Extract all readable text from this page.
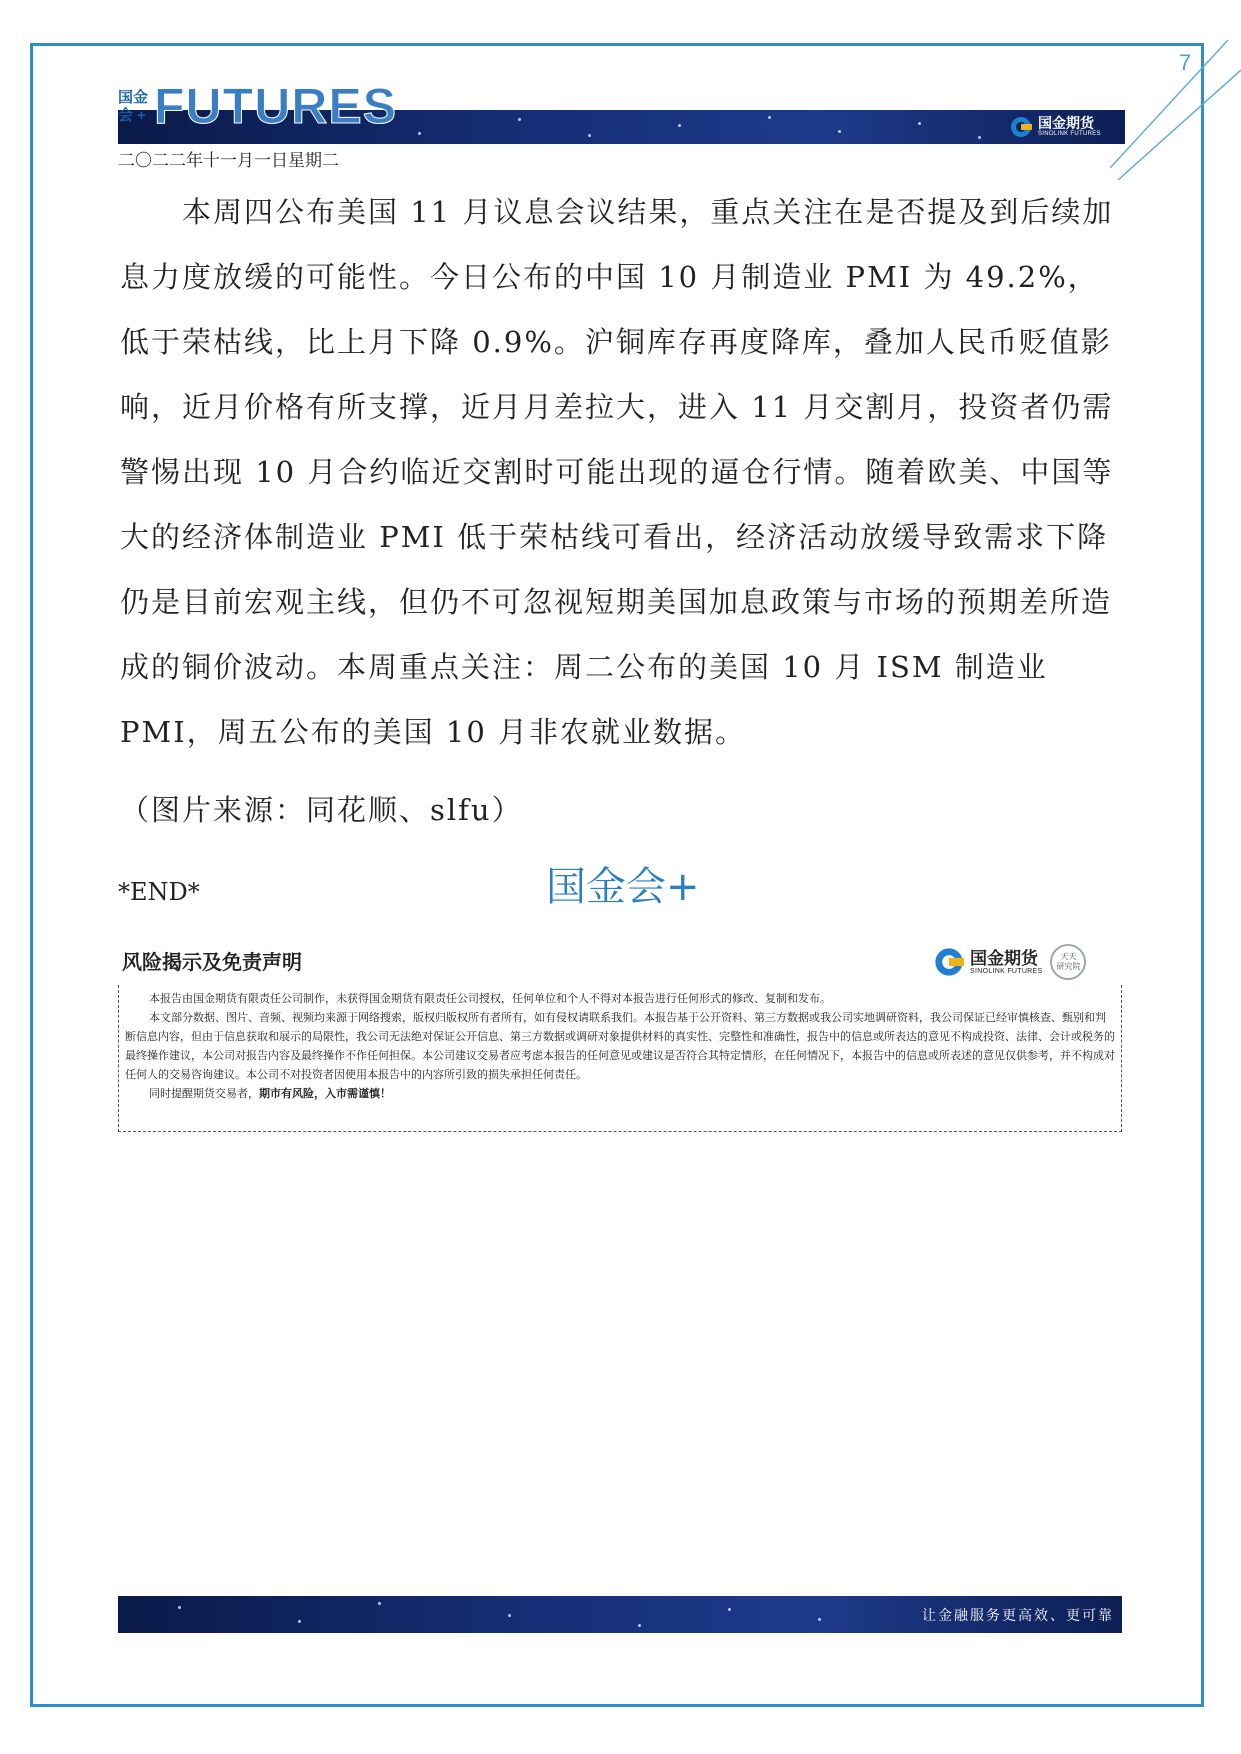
7
国金
会 + FUTURES	国金期货
SINOLINK FUTURES
二〇二二年十一月一日星期二

本周四公布美国 11 月议息会议结果，重点关注在是否提及到后续加息力度放缓的可能性。今日公布的中国 10 月制造业 PMI 为 49.2%，低于荣枯线，比上月下降 0.9%。沪铜库存再度降库，叠加人民币贬值影响，近月价格有所支撑，近月月差拉大，进入 11 月交割月，投资者仍需警惕出现 10 月合约临近交割时可能出现的逼仓行情。随着欧美、中国等大的经济体制造业 PMI 低于荣枯线可看出，经济活动放缓导致需求下降仍是目前宏观主线，但仍不可忽视短期美国加息政策与市场的预期差所造成的铜价波动。本周重点关注：周二公布的美国 10 月 ISM 制造业 PMI，周五公布的美国 10 月非农就业数据。

（图片来源：同花顺、slfu）
*END*	国金会+
风险揭示及免责声明	国金期货
SINOLINK FUTURES
天天
研究院

本报告由国金期货有限责任公司制作，未获得国金期货有限责任公司授权，任何单位和个人不得对本报告进行任何形式的修改、复制和发布。

本文部分数据、图片、音频、视频均来源于网络搜索，版权归版权所有者所有，如有侵权请联系我们。本报告基于公开资料、第三方数据或我公司实地调研资料，我公司保证已经审慎核查、甄别和判断信息内容，但由于信息获取和展示的局限性，我公司无法绝对保证公开信息、第三方数据或调研对象提供材料的真实性、完整性和准确性，报告中的信息或所表达的意见不构成投资、法律、会计或税务的最终操作建议，本公司对报告内容及最终操作不作任何担保。本公司建议交易者应考虑本报告的任何意见或建议是否符合其特定情形，在任何情况下，本报告中的信息或所表述的意见仅供参考，并不构成对任何人的交易咨询建议。本公司不对投资者因使用本报告中的内容所引致的损失承担任何责任。

同时提醒期货交易者，期市有风险，入市需谨慎！

让金融服务更高效、更可靠
